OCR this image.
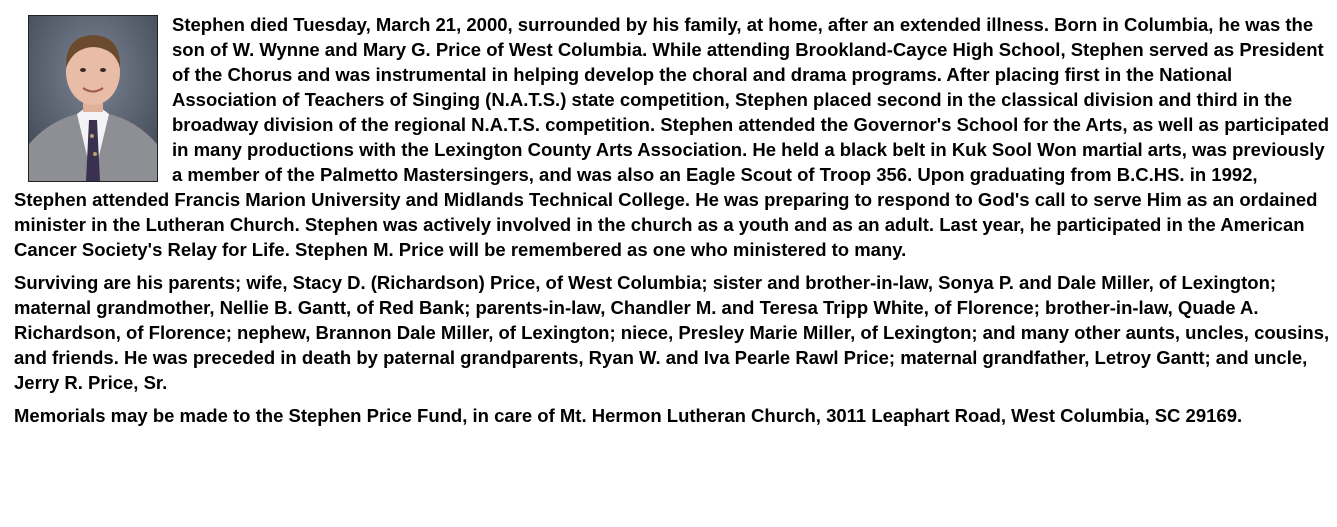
Stephen died Tuesday, March 21, 2000, surrounded by his family, at home, after an extended illness. Born in Columbia, he was the son of W. Wynne and Mary G. Price of West Columbia. While attending Brookland-Cayce High School, Stephen served as President of the Chorus and was instrumental in helping develop the choral and drama programs. After placing first in the National Association of Teachers of Singing (N.A.T.S.) state competition, Stephen placed second in the classical division and third in the broadway division of the regional N.A.T.S. competition. Stephen attended the Governor's School for the Arts, as well as participated in many productions with the Lexington County Arts Association. He held a black belt in Kuk Sool Won martial arts, was previously a member of the Palmetto Mastersingers, and was also an Eagle Scout of Troop 356. Upon graduating from B.C.HS. in 1992, Stephen attended Francis Marion University and Midlands Technical College. He was preparing to respond to God's call to serve Him as an ordained minister in the Lutheran Church. Stephen was actively involved in the church as a youth and as an adult. Last year, he participated in the American Cancer Society's Relay for Life. Stephen M. Price will be remembered as one who ministered to many.

Surviving are his parents; wife, Stacy D. (Richardson) Price, of West Columbia; sister and brother-in-law, Sonya P. and Dale Miller, of Lexington; maternal grandmother, Nellie B. Gantt, of Red Bank; parents-in-law, Chandler M. and Teresa Tripp White, of Florence; brother-in-law, Quade A. Richardson, of Florence; nephew, Brannon Dale Miller, of Lexington; niece, Presley Marie Miller, of Lexington; and many other aunts, uncles, cousins, and friends. He was preceded in death by paternal grandparents, Ryan W. and Iva Pearle Rawl Price; maternal grandfather, Letroy Gantt; and uncle, Jerry R. Price, Sr.

Memorials may be made to the Stephen Price Fund, in care of Mt. Hermon Lutheran Church, 3011 Leaphart Road, West Columbia, SC 29169.
